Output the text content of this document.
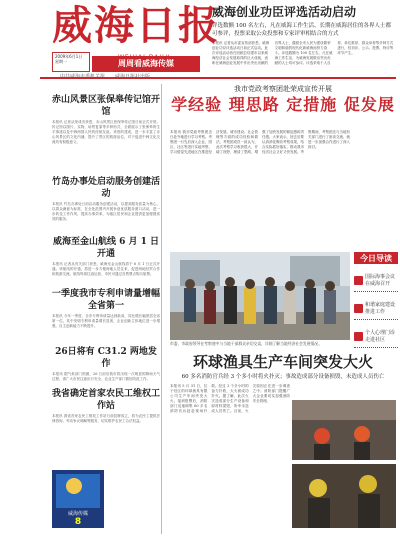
威海日报
2009年6月1日 星期一	周周看威海传媒
威海创业功臣评选活动启动
评选数额 100 名左右，凡在威海工作生活、长期在威海居住的各界人士都可参评，投票采取公众投票和专家评审相结合的方式
本报讯 记者从市委宣传部获悉，威海创业功臣评选活动日前正式启动。此次评选活动旨在回顾总结建市以来威海经济社会发展取得的巨大成就，表彰在威海创业发展中作出突出贡献的各界人士，激励全市人民为建设繁荣文明和谐的现代化新威海而努力奋斗。评选数额为 100 名左右。凡在威海工作生活、为威海发展做出突出贡献的人士均可参评。评选采取个人自荐、单位推荐、群众举荐等多种方式进行，经初评、公示、投票、终评等环节产生。
赤山风景区张保皋传记馆开馆
本报讯 记者从荣成市获悉，赤山风景区张保皋传记馆日前正式开馆。传记馆以图片、实物、场景复原等多种形式，全面展示了张保皋的生平事迹以及中韩两国人民的传统友谊。该馆的建成，进一步丰富了赤山风景区的文化内涵，提升了景区的旅游品位，对于促进中韩文化交流具有积极意义。
竹岛办事处启动服务创建活动
本报讯 竹岛办事处日前启动服务创建活动，以提高服务质量为核心，以群众满意为标准，在全处范围内开展争创优质服务窗口活动，进一步转变工作作风，提高办事效率，为辖区居民和企业提供更加便捷高效的服务。
威海至金山航线 6 月 1 日开通
本报讯 记者从有关部门获悉，威海至金山航线将于 6 月 1 日正式开通。该航线的开通，将进一步方便两地人员往来，促进两地经贸合作和旅游交流。航线每周往返运营，市民可通过各售票点购买船票。
一季度我市专利申请量增幅全省第一
本报讯 今年一季度，全市专利申请量达到新高，同比增长幅度居全省第一位。其中发明专利申请量增长显著，企业创新主体地位进一步增强，自主创新能力不断提升。
26日将有 C31.2 两地发作
本报讯 据气象部门预测，26 日前后我市将出现一次明显的降雨天气过程，请广大市民注意出行安全，农业生产部门做好防范工作。
我省确定首家农民工维权工作站
本报讯 我省首家农民工维权工作站日前挂牌成立，将为农民工提供法律咨询、劳动争议调解等服务，切实维护农民工合法权益。
威海传媒
8
我市党政考察团赴荣成宣传开展
学经验 理思路 定措施 促发展
本报讯 我市党政考察团近日赴外地进行学习考察。考察团一行先后深入企业、园区、社区等进行实地考察，学习借鉴先进地区在推进经济发展、城市建设、社会管理等方面的成功经验和做法。考察团成员一致认为，此次考察学习收获很大，开阔了视野，理清了思路，增强了加快发展的紧迫感和责任感。大家表示，回去后要认真消化吸收考察成果，结合实际抓好落实，推动我市经济社会又好又快发展。考察期间，考察团还与当地有关部门进行了座谈交流，就进一步加强合作进行了深入探讨。
市委、市政府领导在考察途中与当地干部群众亲切交谈，详细了解当地经济社会发展情况。
今日导读
国际海事会议在威海召开
和谐家庭建设推进工作
个人心理门诊走进社区
环球渔具生产车间突发大火
60 多名消防官兵经 3 个多小时将火扑灭；事故造成部分设备损毁，未造成人员伤亡
本报讯 5 月 31 日，位于经区的环球渔具有限公司生产车间突发大火。接到报警后，消防部门迅速调集 60 多名消防官兵赶赴现场扑救。经过 3 个多小时的奋力扑救，大火被成功扑灭。据了解，此次火灾造成部分生产设备和原材料损毁，所幸未造成人员伤亡。目前，火灾原因正在进一步调查之中。消防部门提醒广大企业要切实加强消防安全管理。
